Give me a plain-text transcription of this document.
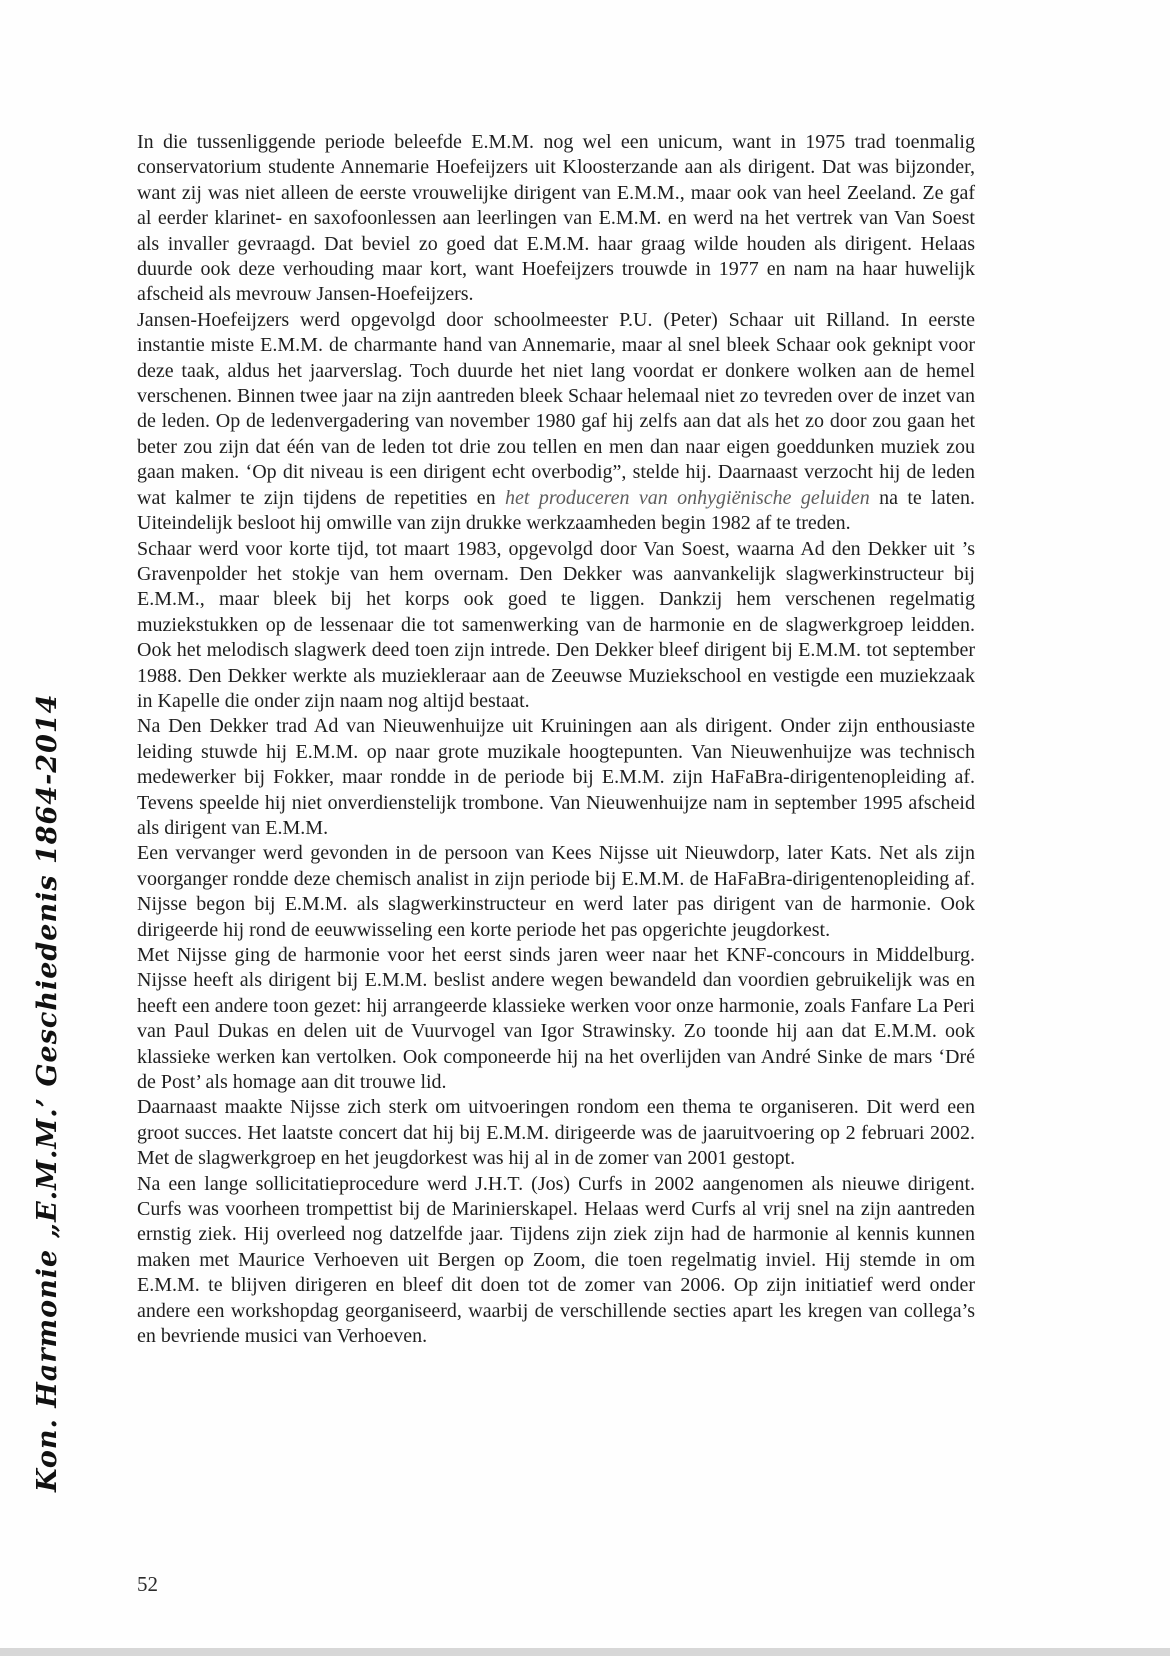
Kon. Harmonie „E.M.M.’ Geschiedenis 1864-2014

In die tussenliggende periode beleefde E.M.M. nog wel een unicum, want in 1975 trad toenmalig conservatorium studente Annemarie Hoefeijzers uit Kloosterzande aan als dirigent. Dat was bijzonder, want zij was niet alleen de eerste vrouwelijke dirigent van E.M.M., maar ook van heel Zeeland. Ze gaf al eerder klarinet- en saxofoonlessen aan leerlingen van E.M.M. en werd na het vertrek van Van Soest als invaller gevraagd. Dat beviel zo goed dat E.M.M. haar graag wilde houden als dirigent. Helaas duurde ook deze verhouding maar kort, want Hoefeijzers trouwde in 1977 en nam na haar huwelijk afscheid als mevrouw Jansen-Hoefeijzers.

Jansen-Hoefeijzers werd opgevolgd door schoolmeester P.U. (Peter) Schaar uit Rilland. In eerste instantie miste E.M.M. de charmante hand van Annemarie, maar al snel bleek Schaar ook geknipt voor deze taak, aldus het jaarverslag. Toch duurde het niet lang voordat er donkere wolken aan de hemel verschenen. Binnen twee jaar na zijn aantreden bleek Schaar helemaal niet zo tevreden over de inzet van de leden. Op de ledenvergadering van november 1980 gaf hij zelfs aan dat als het zo door zou gaan het beter zou zijn dat één van de leden tot drie zou tellen en men dan naar eigen goeddunken muziek zou gaan maken. ‘Op dit niveau is een dirigent echt overbodig”, stelde hij. Daarnaast verzocht hij de leden wat kalmer te zijn tijdens de repetities en het produceren van onhygiënische geluiden na te laten. Uiteindelijk besloot hij omwille van zijn drukke werkzaamheden begin 1982 af te treden.

Schaar werd voor korte tijd, tot maart 1983, opgevolgd door Van Soest, waarna Ad den Dekker uit ’s Gravenpolder het stokje van hem overnam. Den Dekker was aanvankelijk slagwerkinstructeur bij E.M.M., maar bleek bij het korps ook goed te liggen. Dankzij hem verschenen regelmatig muziekstukken op de lessenaar die tot samenwerking van de harmonie en de slagwerkgroep leidden. Ook het melodisch slagwerk deed toen zijn intrede. Den Dekker bleef dirigent bij E.M.M. tot september 1988. Den Dekker werkte als muziekleraar aan de Zeeuwse Muziekschool en vestigde een muziekzaak in Kapelle die onder zijn naam nog altijd bestaat.

Na Den Dekker trad Ad van Nieuwenhuijze uit Kruiningen aan als dirigent. Onder zijn enthousiaste leiding stuwde hij E.M.M. op naar grote muzikale hoogtepunten. Van Nieuwenhuijze was technisch medewerker bij Fokker, maar rondde in de periode bij E.M.M. zijn HaFaBra-dirigentenopleiding af. Tevens speelde hij niet onverdienstelijk trombone. Van Nieuwenhuijze nam in september 1995 afscheid als dirigent van E.M.M.

Een vervanger werd gevonden in de persoon van Kees Nijsse uit Nieuwdorp, later Kats. Net als zijn voorganger rondde deze chemisch analist in zijn periode bij E.M.M. de HaFaBra-dirigentenopleiding af. Nijsse begon bij E.M.M. als slagwerkinstructeur en werd later pas dirigent van de harmonie. Ook dirigeerde hij rond de eeuwwisseling een korte periode het pas opgerichte jeugdorkest.

Met Nijsse ging de harmonie voor het eerst sinds jaren weer naar het KNF-concours in Middelburg. Nijsse heeft als dirigent bij E.M.M. beslist andere wegen bewandeld dan voordien gebruikelijk was en heeft een andere toon gezet: hij arrangeerde klassieke werken voor onze harmonie, zoals Fanfare La Peri van Paul Dukas en delen uit de Vuurvogel van Igor Strawinsky. Zo toonde hij aan dat E.M.M. ook klassieke werken kan vertolken. Ook componeerde hij na het overlijden van André Sinke de mars ‘Dré de Post’ als homage aan dit trouwe lid.

Daarnaast maakte Nijsse zich sterk om uitvoeringen rondom een thema te organiseren. Dit werd een groot succes. Het laatste concert dat hij bij E.M.M. dirigeerde was de jaaruitvoering op 2 februari 2002. Met de slagwerkgroep en het jeugdorkest was hij al in de zomer van 2001 gestopt.

Na een lange sollicitatieprocedure werd J.H.T. (Jos) Curfs in 2002 aangenomen als nieuwe dirigent. Curfs was voorheen trompettist bij de Marinierskapel. Helaas werd Curfs al vrij snel na zijn aantreden ernstig ziek. Hij overleed nog datzelfde jaar. Tijdens zijn ziek zijn had de harmonie al kennis kunnen maken met Maurice Verhoeven uit Bergen op Zoom, die toen regelmatig inviel. Hij stemde in om E.M.M. te blijven dirigeren en bleef dit doen tot de zomer van 2006. Op zijn initiatief werd onder andere een workshopdag georganiseerd, waarbij de verschillende secties apart les kregen van collega’s en bevriende musici van Verhoeven.

52
